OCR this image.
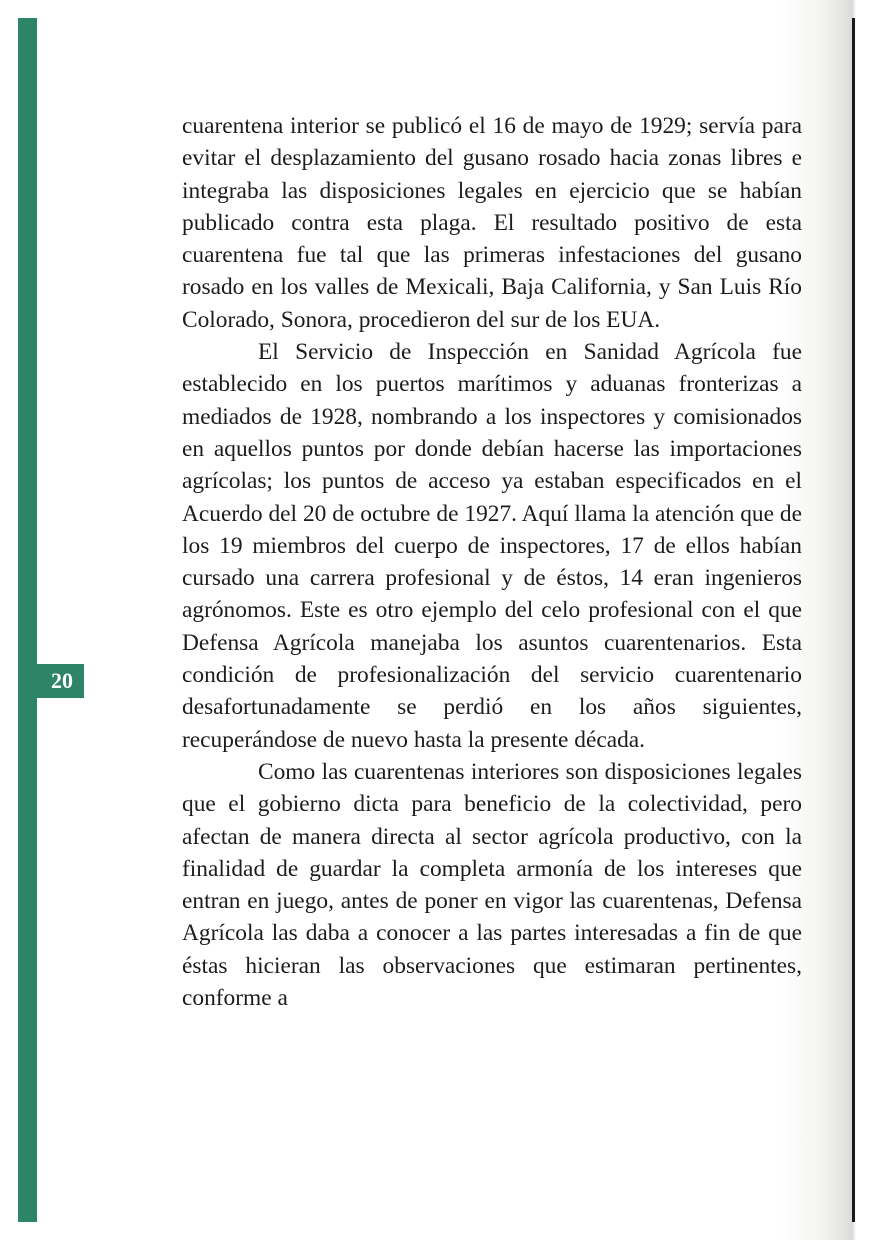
20

cuarentena interior se publicó el 16 de mayo de 1929; servía para evitar el desplazamiento del gusano rosado hacia zonas libres e integraba las disposiciones legales en ejercicio que se habían publicado contra esta plaga. El resultado positivo de esta cuarentena fue tal que las primeras infestaciones del gusano rosado en los valles de Mexicali, Baja California, y San Luis Río Colorado, Sonora, procedieron del sur de los EUA.

El Servicio de Inspección en Sanidad Agrícola fue establecido en los puertos marítimos y aduanas fronterizas a mediados de 1928, nombrando a los inspectores y comisionados en aquellos puntos por donde debían hacerse las importaciones agrícolas; los puntos de acceso ya estaban especificados en el Acuerdo del 20 de octubre de 1927. Aquí llama la atención que de los 19 miembros del cuerpo de inspectores, 17 de ellos habían cursado una carrera profesional y de éstos, 14 eran ingenieros agrónomos. Este es otro ejemplo del celo profesional con el que Defensa Agrícola manejaba los asuntos cuarentenarios. Esta condición de profesionalización del servicio cuarentenario desafortunadamente se perdió en los años siguientes, recuperándose de nuevo hasta la presente década.

Como las cuarentenas interiores son disposiciones legales que el gobierno dicta para beneficio de la colectividad, pero afectan de manera directa al sector agrícola productivo, con la finalidad de guardar la completa armonía de los intereses que entran en juego, antes de poner en vigor las cuarentenas, Defensa Agrícola las daba a conocer a las partes interesadas a fin de que éstas hicieran las observaciones que estimaran pertinentes, conforme a
